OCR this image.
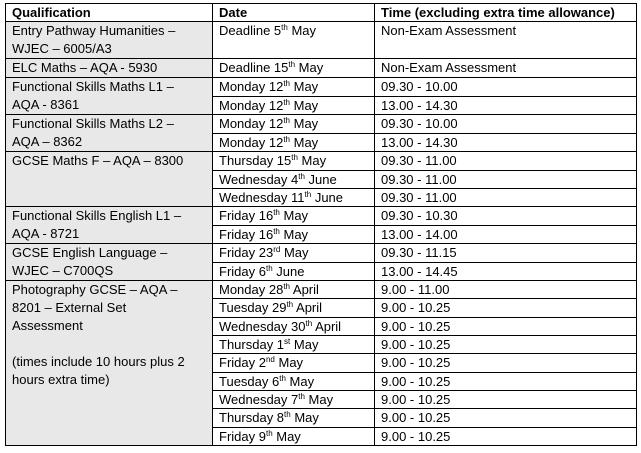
Qualification	Date	Time (excluding extra time allowance)

Entry Pathway Humanities –
WJEC – 6005/A3	Deadline 5th May	Non-Exam Assessment

ELC Maths – AQA - 5930	Deadline 15th May	Non-Exam Assessment

Functional Skills Maths L1 –
AQA - 8361	Monday 12th May	09.30 - 10.00
	Monday 12th May	13.00 - 14.30

Functional Skills Maths L2 –
AQA – 8362	Monday 12th May	09.30 - 10.00
	Monday 12th May	13.00 - 14.30

GCSE Maths F – AQA – 8300	Thursday 15th May	09.30 - 11.00
	Wednesday 4th June	09.30 - 11.00
	Wednesday 11th June	09.30 - 11.00

Functional Skills English L1 –
AQA - 8721	Friday 16th May	09.30 - 10.30
	Friday 16th May	13.00 - 14.00

GCSE English Language –
WJEC – C700QS	Friday 23rd May	09.30 - 11.15
	Friday 6th June	13.00 - 14.45

Photography GCSE – AQA –
8201 – External Set
Assessment
(times include 10 hours plus 2
hours extra time)	Monday 28th April	9.00 - 11.00
	Tuesday 29th April	9.00 - 10.25
	Wednesday 30th April	9.00 - 10.25
	Thursday 1st May	9.00 - 10.25
	Friday 2nd May	9.00 - 10.25
	Tuesday 6th May	9.00 - 10.25
	Wednesday 7th May	9.00 - 10.25
	Thursday 8th May	9.00 - 10.25
	Friday 9th May	9.00 - 10.25
